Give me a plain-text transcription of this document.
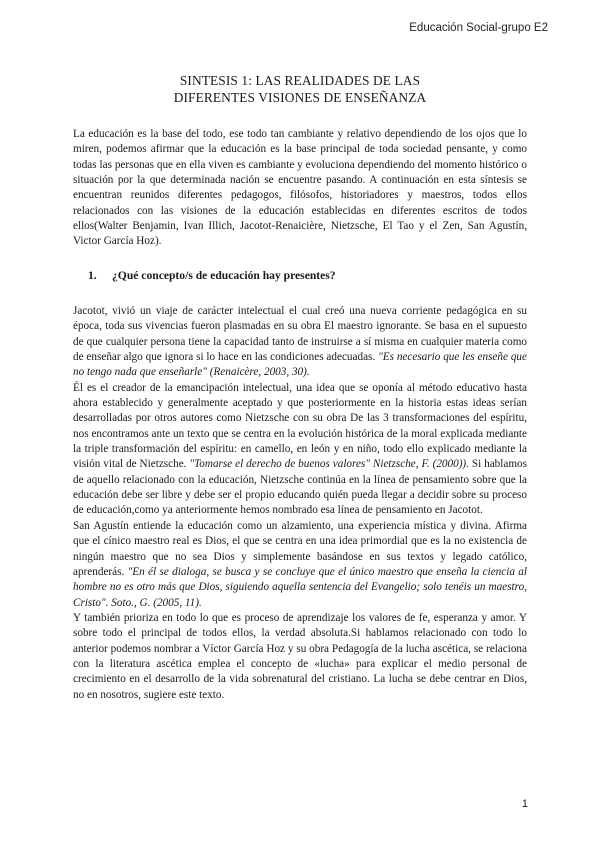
Educación Social-grupo E2
SINTESIS 1: LAS REALIDADES DE LAS
DIFERENTES VISIONES DE ENSEÑANZA

La educación es la base del todo, ese todo tan cambiante y relativo dependiendo de los ojos que lo miren, podemos afirmar que la educación es la base principal de toda sociedad pensante, y como todas las personas que en ella viven es cambiante y evoluciona dependiendo del momento histórico o situación por la que determinada nación se encuentre pasando. A continuación en esta síntesis se encuentran reunidos diferentes pedagogos, filósofos, historiadores y maestros, todos ellos relacionados con las visiones de la educación establecidas en diferentes escritos de todos ellos(Walter Benjamin, Ivan Illich, Jacotot-Renaicière, Nietzsche, El Tao y el Zen, San Agustín, Victor García Hoz).

1. ¿Qué concepto/s de educación hay presentes?

Jacotot, vivió un viaje de carácter intelectual el cual creó una nueva corriente pedagógica en su época, toda sus vivencias fueron plasmadas en su obra El maestro ignorante. Se basa en el supuesto de que cualquier persona tiene la capacidad tanto de instruirse a sí misma en cualquier materia como de enseñar algo que ignora si lo hace en las condiciones adecuadas. "Es necesario que les enseñe que no tengo nada que enseñarle" (Renaicère, 2003, 30).

Él es el creador de la emancipación intelectual, una idea que se oponía al método educativo hasta ahora establecido y generalmente aceptado y que posteriormente en la historia estas ideas serían desarrolladas por otros autores como Nietzsche con su obra De las 3 transformaciones del espíritu, nos encontramos ante un texto que se centra en la evolución histórica de la moral explicada mediante la triple transformación del espíritu: en camello, en león y en niño, todo ello explicado mediante la visión vital de Nietzsche. "Tomarse el derecho de buenos valores" Nietzsche, F. (2000)). Si hablamos de aquello relacionado con la educación, Nietzsche continúa en la línea de pensamiento sobre que la educación debe ser libre y debe ser el propio educando quién pueda llegar a decidir sobre su proceso de educación,como ya anteriormente hemos nombrado esa línea de pensamiento en Jacotot.

San Agustín entiende la educación como un alzamiento, una experiencia mística y divina. Afirma que el cínico maestro real es Dios, el que se centra en una idea primordial que es la no existencia de ningún maestro que no sea Dios y simplemente basándose en sus textos y legado católico, aprenderás. "En él se dialoga, se busca y se concluye que el único maestro que enseña la ciencia al hombre no es otro más que Dios, siguiendo aquella sentencia del Evangelio; solo tenéis un maestro, Cristo". Soto., G. (2005, 11).

Y también prioriza en todo lo que es proceso de aprendizaje los valores de fe, esperanza y amor. Y sobre todo el principal de todos ellos, la verdad absoluta.Si hablamos relacionado con todo lo anterior podemos nombrar a Víctor García Hoz y su obra Pedagogía de la lucha ascética, se relaciona con la literatura ascética emplea el concepto de «lucha» para explicar el medio personal de crecimiento en el desarrollo de la vida sobrenatural del cristiano. La lucha se debe centrar en Dios, no en nosotros, sugiere este texto.

1
